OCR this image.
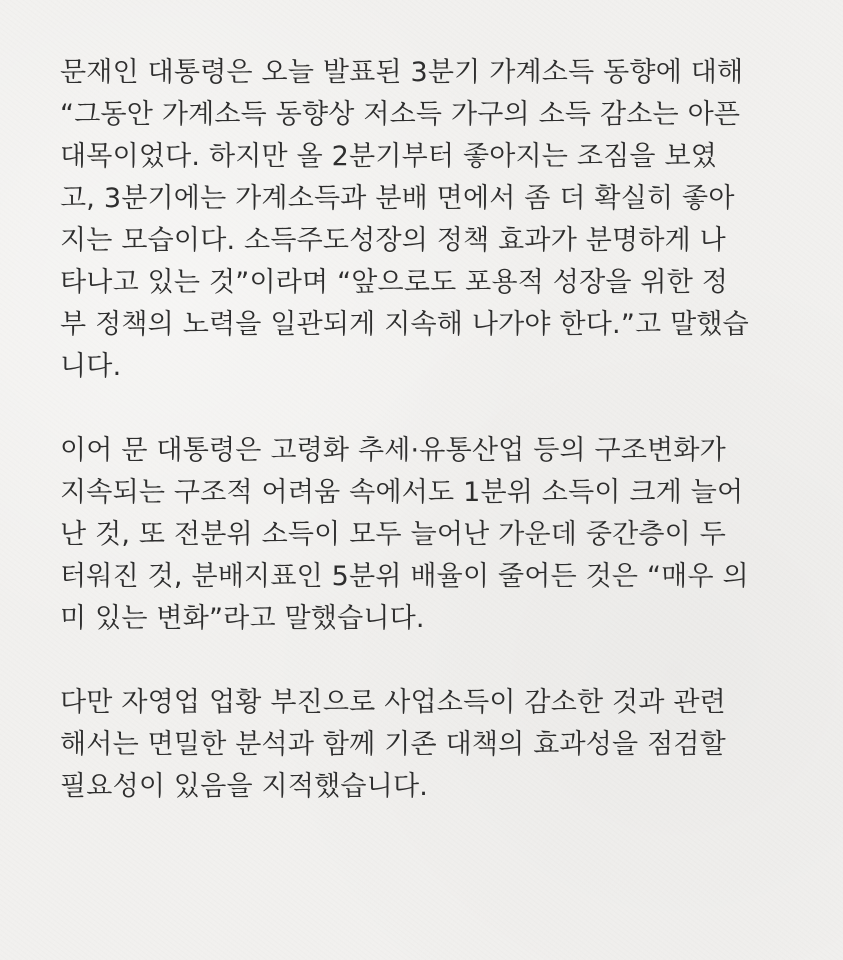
문재인 대통령은 오늘 발표된 3분기 가계소득 동향에 대해
“그동안 가계소득 동향상 저소득 가구의 소득 감소는 아픈
대목이었다. 하지만 올 2분기부터 좋아지는 조짐을 보였
고, 3분기에는 가계소득과 분배 면에서 좀 더 확실히 좋아
지는 모습이다. 소득주도성장의 정책 효과가 분명하게 나
타나고 있는 것”이라며 “앞으로도 포용적 성장을 위한 정
부 정책의 노력을 일관되게 지속해 나가야 한다.”고 말했습
니다.

이어 문 대통령은 고령화 추세·유통산업 등의 구조변화가
지속되는 구조적 어려움 속에서도 1분위 소득이 크게 늘어
난 것, 또 전분위 소득이 모두 늘어난 가운데 중간층이 두
터워진 것, 분배지표인 5분위 배율이 줄어든 것은 “매우 의
미 있는 변화”라고 말했습니다.

다만 자영업 업황 부진으로 사업소득이 감소한 것과 관련
해서는 면밀한 분석과 함께 기존 대책의 효과성을 점검할
필요성이 있음을 지적했습니다.
